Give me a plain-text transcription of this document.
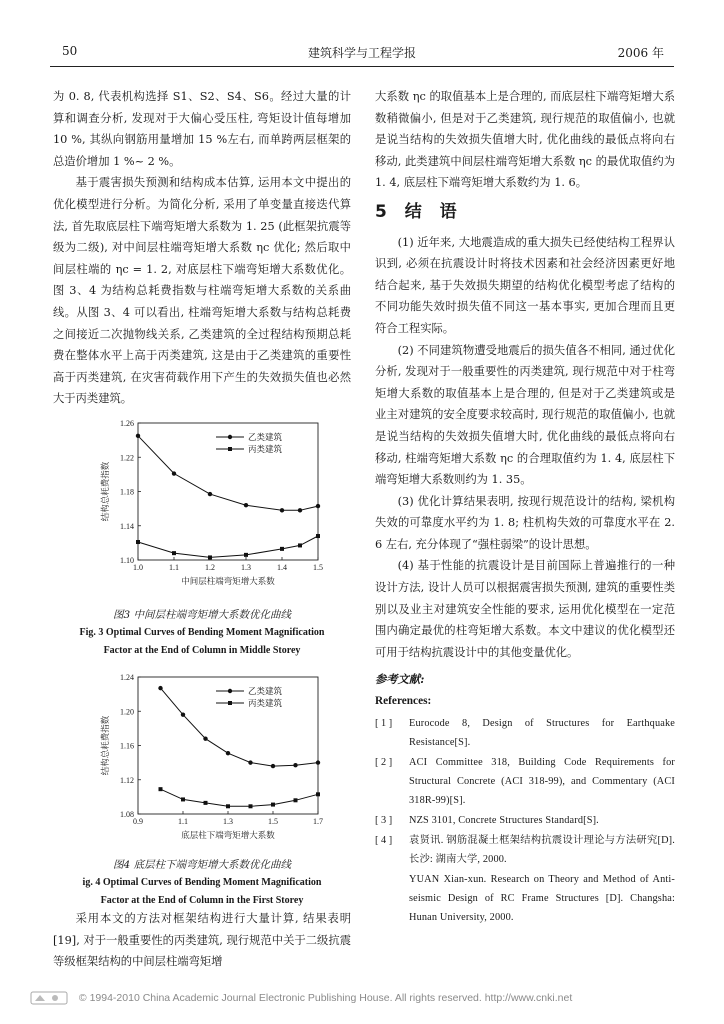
50	建筑科学与工程学报	2006 年

为 0. 8, 代表机构选择 S1、S2、S4、S6。经过大量的计算和调查分析, 发现对于大偏心受压柱, 弯矩设计值每增加 10 %, 其纵向钢筋用量增加 15 %左右, 而单跨两层框架的总造价增加 1 %~ 2 %。

基于震害损失预测和结构成本估算, 运用本文中提出的优化模型进行分析。为简化分析, 采用了单变量直接迭代算法, 首先取底层柱下端弯矩增大系数为 1. 25 (此框架抗震等级为二级), 对中间层柱端弯矩增大系数 ηc 优化; 然后取中间层柱端的 ηc = 1. 2, 对底层柱下端弯矩增大系数优化。图 3、4 为结构总耗费指数与柱端弯矩增大系数的关系曲线。从图 3、4 可以看出, 柱端弯矩增大系数与结构总耗费之间接近二次抛物线关系, 乙类建筑的全过程结构预期总耗费在整体水平上高于丙类建筑, 这是由于乙类建筑的重要性高于丙类建筑, 在灾害荷载作用下产生的失效损失值也必然大于丙类建筑。

1.10
1.14
1.18
1.22
1.26
1.0	1.1	1.2	1.3	1.4	1.5
中间层柱端弯矩增大系数
结构总耗费指数
乙类建筑
丙类建筑
图3 中间层柱端弯矩增大系数优化曲线
Fig. 3 Optimal Curves of Bending Moment Magnification
Factor at the End of Column in Middle Storey
1.08
1.12
1.16
1.20
1.24
0.9	1.1	1.3	1.5	1.7
底层柱下端弯矩增大系数
结构总耗费指数
乙类建筑
丙类建筑
图4 底层柱下端弯矩增大系数优化曲线
ig. 4 Optimal Curves of Bending Moment Magnification
Factor at the End of Column in the First Storey

采用本文的方法对框架结构进行大量计算, 结果表明[19], 对于一般重要性的丙类建筑, 现行规范中关于二级抗震等级框架结构的中间层柱端弯矩增

大系数 ηc 的取值基本上是合理的, 而底层柱下端弯矩增大系数稍微偏小, 但是对于乙类建筑, 现行规范的取值偏小, 也就是说当结构的失效损失值增大时, 优化曲线的最低点将向右移动, 此类建筑中间层柱端弯矩增大系数 ηc 的最优取值约为 1. 4, 底层柱下端弯矩增大系数约为 1. 6。

5 结 语

(1) 近年来, 大地震造成的重大损失已经使结构工程界认识到, 必须在抗震设计时将技术因素和社会经济因素更好地结合起来, 基于失效损失期望的结构优化模型考虑了结构的不同功能失效时损失值不同这一基本事实, 更加合理而且更符合工程实际。

(2) 不同建筑物遭受地震后的损失值各不相同, 通过优化分析, 发现对于一般重要性的丙类建筑, 现行规范中对于柱弯矩增大系数的取值基本上是合理的, 但是对于乙类建筑或是业主对建筑的安全度要求较高时, 现行规范的取值偏小, 也就是说当结构的失效损失值增大时, 优化曲线的最低点将向右移动, 柱端弯矩增大系数 ηc 的合理取值约为 1. 4, 底层柱下端弯矩增大系数则约为 1. 35。

(3) 优化计算结果表明, 按现行规范设计的结构, 梁机构失效的可靠度水平约为 1. 8; 柱机构失效的可靠度水平在 2. 6 左右, 充分体现了“强柱弱梁”的设计思想。

(4) 基于性能的抗震设计是目前国际上普遍推行的一种设计方法, 设计人员可以根据震害损失预测, 建筑的重要性类别以及业主对建筑安全性能的要求, 运用优化模型在一定范围内确定最优的柱弯矩增大系数。本文中建议的优化模型还可用于结构抗震设计中的其他变量优化。

参考文献:
References:
[ 1 ]	Eurocode 8, Design of Structures for Earthquake Resistance[S].
[ 2 ]	ACI Committee 318, Building Code Requirements for Structural Concrete (ACI 318-99), and Commentary (ACI 318R-99)[S].
[ 3 ]	NZS 3101, Concrete Structures Standard[S].
[ 4 ]	袁贤讯. 钢筋混凝土框架结构抗震设计理论与方法研究[D]. 长沙: 湖南大学, 2000.
YUAN Xian-xun. Research on Theory and Method of Anti-seismic Design of RC Frame Structures [D]. Changsha: Hunan University, 2000.
© 1994-2010 China Academic Journal Electronic Publishing House. All rights reserved. http://www.cnki.net
